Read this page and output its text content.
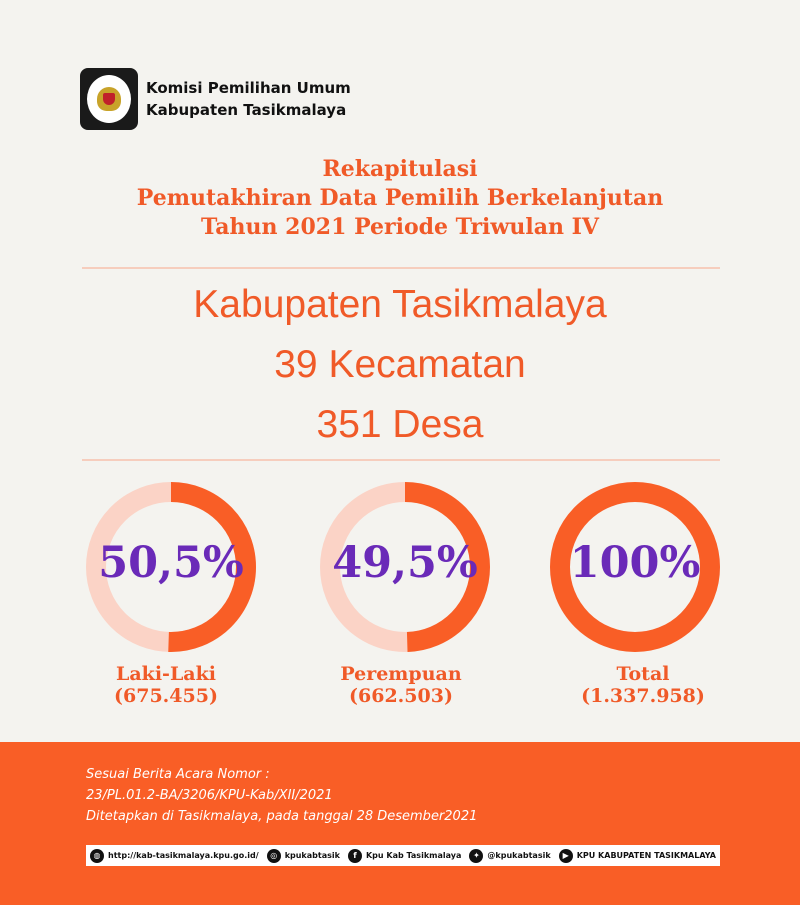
Komisi Pemilihan Umum
Kabupaten Tasikmalaya
Rekapitulasi
Pemutakhiran Data Pemilih Berkelanjutan
Tahun 2021 Periode Triwulan IV
Kabupaten Tasikmalaya
39 Kecamatan
351 Desa
50,5%	49,5%	100%
Laki-Laki
(675.455)
Perempuan
(662.503)
Total
(1.337.958)
Sesuai Berita Acara Nomor :
23/PL.01.2-BA/3206/KPU-Kab/XII/2021
Ditetapkan di Tasikmalaya, pada tanggal 28 Desember2021
◍ http://kab-tasikmalaya.kpu.go.id/	◎ kpukabtasik	f	Kpu Kab Tasikmalaya	✦ @kpukabtasik	▶ KPU KABUPATEN TASIKMALAYA
